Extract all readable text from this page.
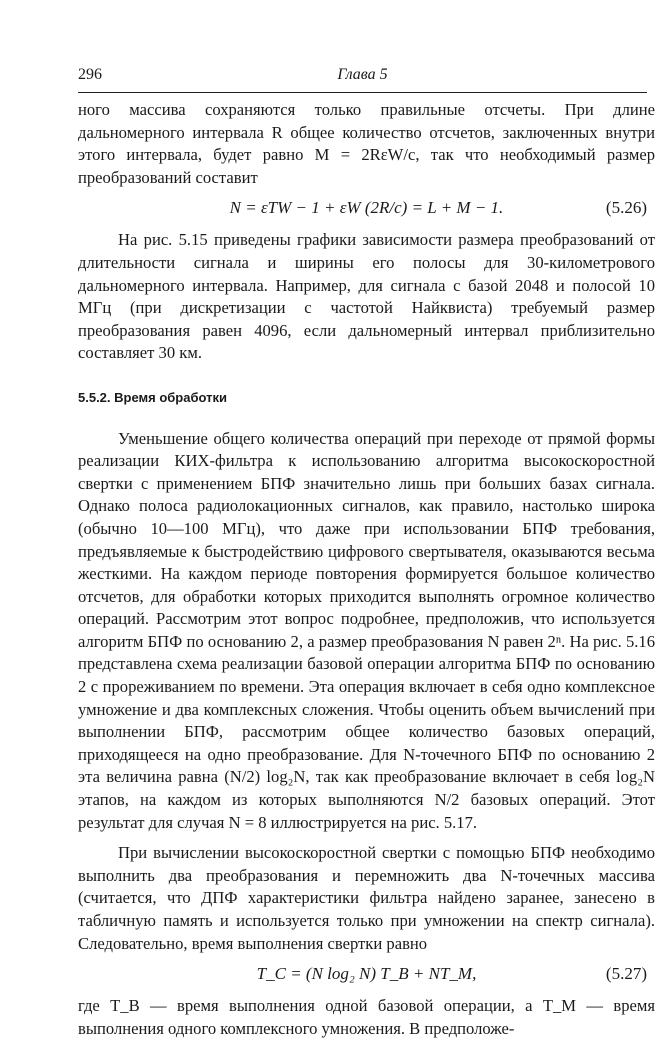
296	Глава 5

ного массива сохраняются только правильные отсчеты. При длине дальномерного интервала R общее количество отсчетов, заключенных внутри этого интервала, будет равно M = 2RεW/c, так что необходимый размер преобразований составит

N = εTW − 1 + εW (2R/c) = L + M − 1.	(5.26)

На рис. 5.15 приведены графики зависимости размера преобразований от длительности сигнала и ширины его полосы для 30-километрового дальномерного интервала. Например, для сигнала с базой 2048 и полосой 10 МГц (при дискретизации с частотой Найквиста) требуемый размер преобразования равен 4096, если дальномерный интервал приблизительно составляет 30 км.

5.5.2. Время обработки

Уменьшение общего количества операций при переходе от прямой формы реализации КИХ-фильтра к использованию алгоритма высокоскоростной свертки с применением БПФ значительно лишь при больших базах сигнала. Однако полоса радиолокационных сигналов, как правило, настолько широка (обычно 10—100 МГц), что даже при использовании БПФ требования, предъявляемые к быстродействию цифрового свертывателя, оказываются весьма жесткими. На каждом периоде повторения формируется большое количество отсчетов, для обработки которых приходится выполнять огромное количество операций. Рассмотрим этот вопрос подробнее, предположив, что используется алгоритм БПФ по основанию 2, а размер преобразования N равен 2ⁿ. На рис. 5.16 представлена схема реализации базовой операции алгоритма БПФ по основанию 2 с прореживанием по времени. Эта операция включает в себя одно комплексное умножение и два комплексных сложения. Чтобы оценить объем вычислений при выполнении БПФ, рассмотрим общее количество базовых операций, приходящееся на одно преобразование. Для N-точечного БПФ по основанию 2 эта величина равна (N/2) log₂N, так как преобразование включает в себя log₂N этапов, на каждом из которых выполняются N/2 базовых операций. Этот результат для случая N = 8 иллюстрируется на рис. 5.17.

При вычислении высокоскоростной свертки с помощью БПФ необходимо выполнить два преобразования и перемножить два N-точечных массива (считается, что ДПФ характеристики фильтра найдено заранее, занесено в табличную память и используется только при умножении на спектр сигнала). Следовательно, время выполнения свертки равно

T_C = (N log₂ N) T_B + NT_M,	(5.27)

где T_B — время выполнения одной базовой операции, а T_M — время выполнения одного комплексного умножения. В предположе-
